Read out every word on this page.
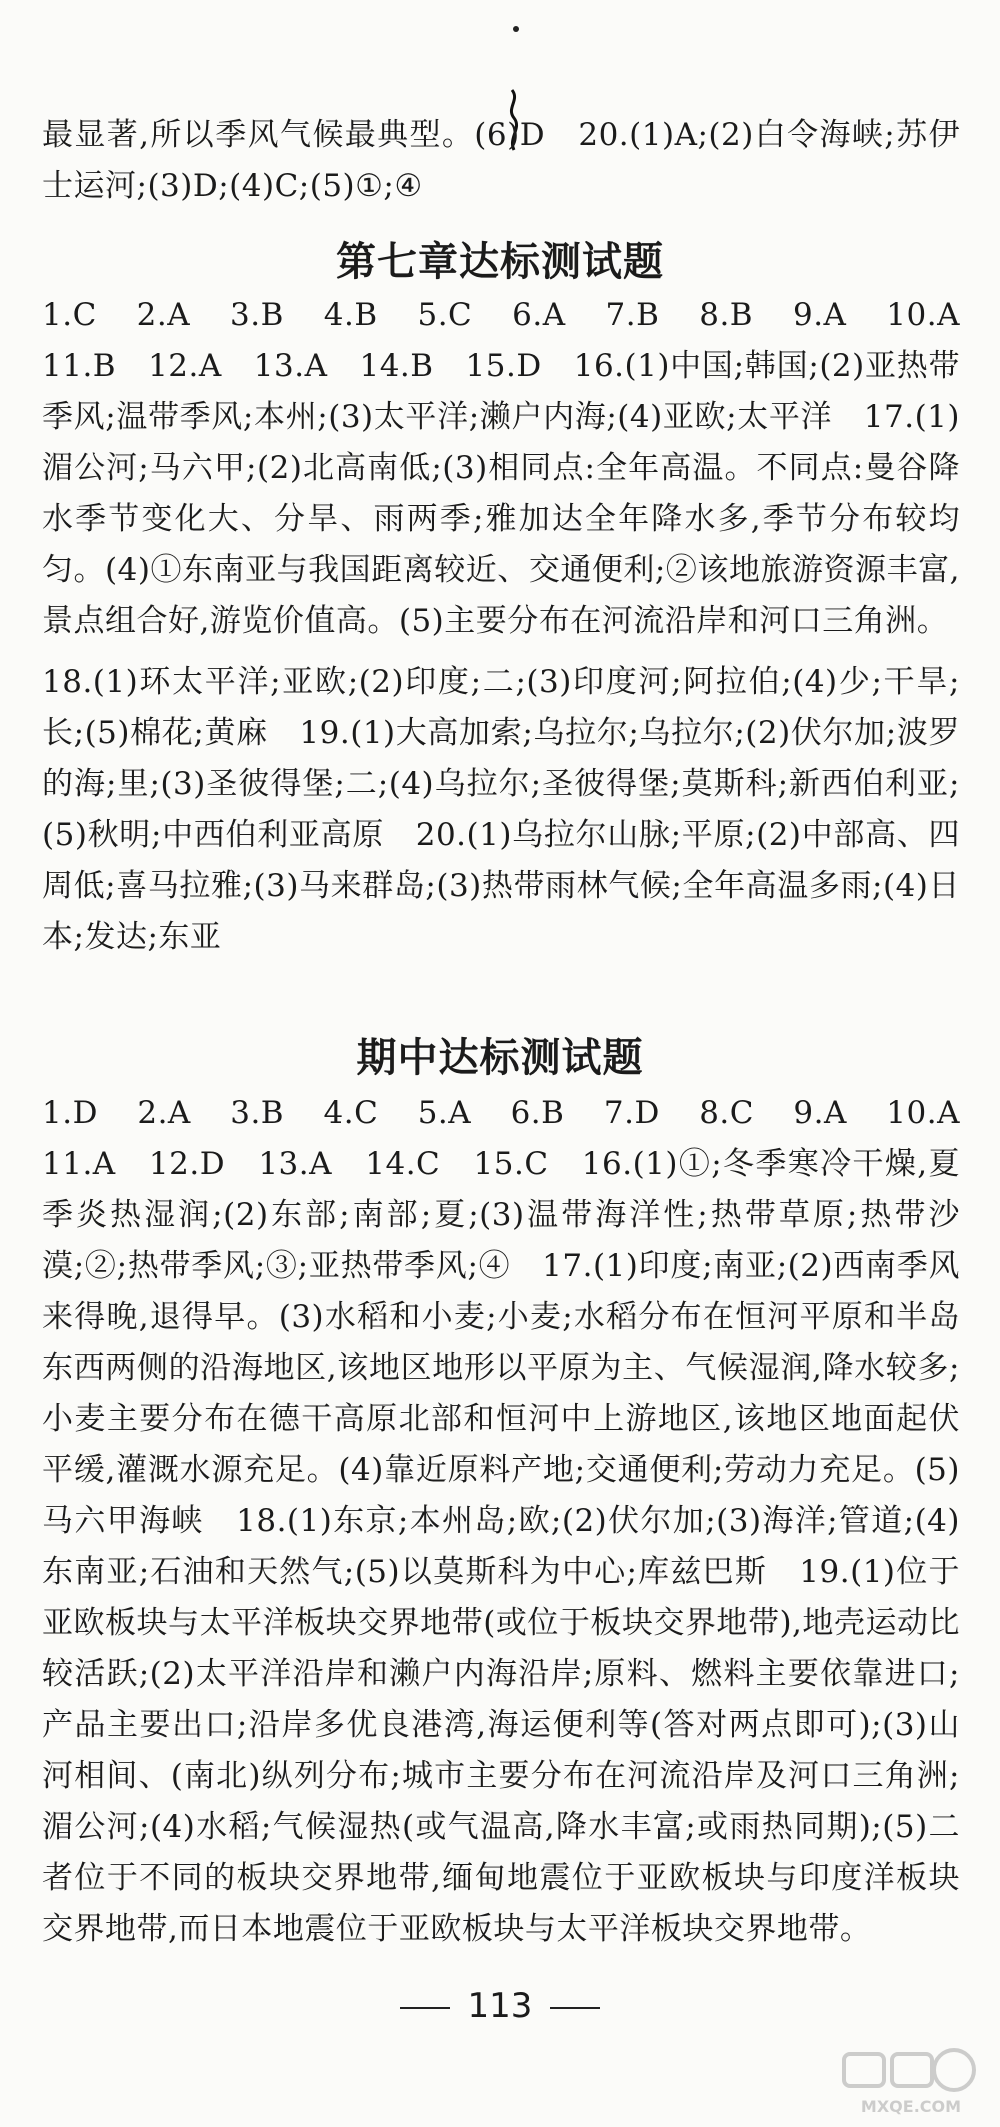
最显著,所以季风气候最典型。(6)D　20.(1)A;(2)白令海峡;苏伊士运河;(3)D;(4)C;(5)①;④

第七章达标测试题

1.C　2.A　3.B　4.B　5.C　6.A　7.B　8.B　9.A　10.A　11.B　12.A　13.A　14.B　15.D　16.(1)中国;韩国;(2)亚热带季风;温带季风;本州;(3)太平洋;濑户内海;(4)亚欧;太平洋　17.(1)湄公河;马六甲;(2)北高南低;(3)相同点:全年高温。不同点:曼谷降水季节变化大、分旱、雨两季;雅加达全年降水多,季节分布较均匀。(4)①东南亚与我国距离较近、交通便利;②该地旅游资源丰富,景点组合好,游览价值高。(5)主要分布在河流沿岸和河口三角洲。

18.(1)环太平洋;亚欧;(2)印度;二;(3)印度河;阿拉伯;(4)少;干旱;长;(5)棉花;黄麻　19.(1)大高加索;乌拉尔;乌拉尔;(2)伏尔加;波罗的海;里;(3)圣彼得堡;二;(4)乌拉尔;圣彼得堡;莫斯科;新西伯利亚;(5)秋明;中西伯利亚高原　20.(1)乌拉尔山脉;平原;(2)中部高、四周低;喜马拉雅;(3)马来群岛;(3)热带雨林气候;全年高温多雨;(4)日本;发达;东亚

期中达标测试题

1.D　2.A　3.B　4.C　5.A　6.B　7.D　8.C　9.A　10.A　11.A　12.D　13.A　14.C　15.C　16.(1)①;冬季寒冷干燥,夏季炎热湿润;(2)东部;南部;夏;(3)温带海洋性;热带草原;热带沙漠;②;热带季风;③;亚热带季风;④　17.(1)印度;南亚;(2)西南季风来得晚,退得早。(3)水稻和小麦;小麦;水稻分布在恒河平原和半岛东西两侧的沿海地区,该地区地形以平原为主、气候湿润,降水较多;小麦主要分布在德干高原北部和恒河中上游地区,该地区地面起伏平缓,灌溉水源充足。(4)靠近原料产地;交通便利;劳动力充足。(5)马六甲海峡　18.(1)东京;本州岛;欧;(2)伏尔加;(3)海洋;管道;(4)东南亚;石油和天然气;(5)以莫斯科为中心;库兹巴斯　19.(1)位于亚欧板块与太平洋板块交界地带(或位于板块交界地带),地壳运动比较活跃;(2)太平洋沿岸和濑户内海沿岸;原料、燃料主要依靠进口;产品主要出口;沿岸多优良港湾,海运便利等(答对两点即可);(3)山河相间、(南北)纵列分布;城市主要分布在河流沿岸及河口三角洲;湄公河;(4)水稻;气候湿热(或气温高,降水丰富;或雨热同期);(5)二者位于不同的板块交界地带,缅甸地震位于亚欧板块与印度洋板块交界地带,而日本地震位于亚欧板块与太平洋板块交界地带。

113
MXQE.COM
